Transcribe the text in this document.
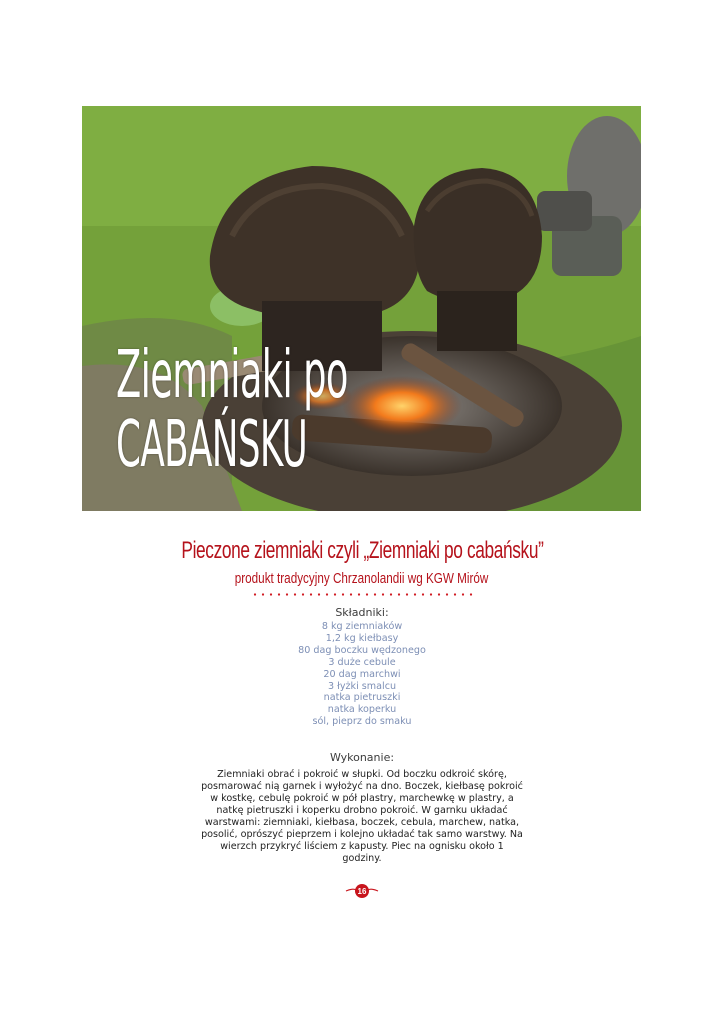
Ziemniaki po
CABAŃSKU
Pieczone ziemniaki czyli „Ziemniaki po cabańsku”
produkt tradycyjny Chrzanolandii wg KGW Mirów
Składniki:
8 kg ziemniaków
1,2 kg kiełbasy
80 dag boczku wędzonego
3 duże cebule
20 dag marchwi
3 łyżki smalcu
natka pietruszki
natka koperku
sól, pieprz do smaku
Wykonanie:

Ziemniaki obrać i pokroić w słupki. Od boczku odkroić skórę, posmarować nią garnek i wyłożyć na dno. Boczek, kiełbasę pokroić w kostkę, cebulę pokroić w pół plastry, marchewkę w plastry, a natkę pietruszki i koperku drobno pokroić. W garnku układać warstwami: ziemniaki, kiełbasa, boczek, cebula, marchew, natka, posolić, oprószyć pieprzem i kolejno układać tak samo warstwy. Na wierzch przykryć liściem z kapusty. Piec na ognisku około 1 godziny.

16
